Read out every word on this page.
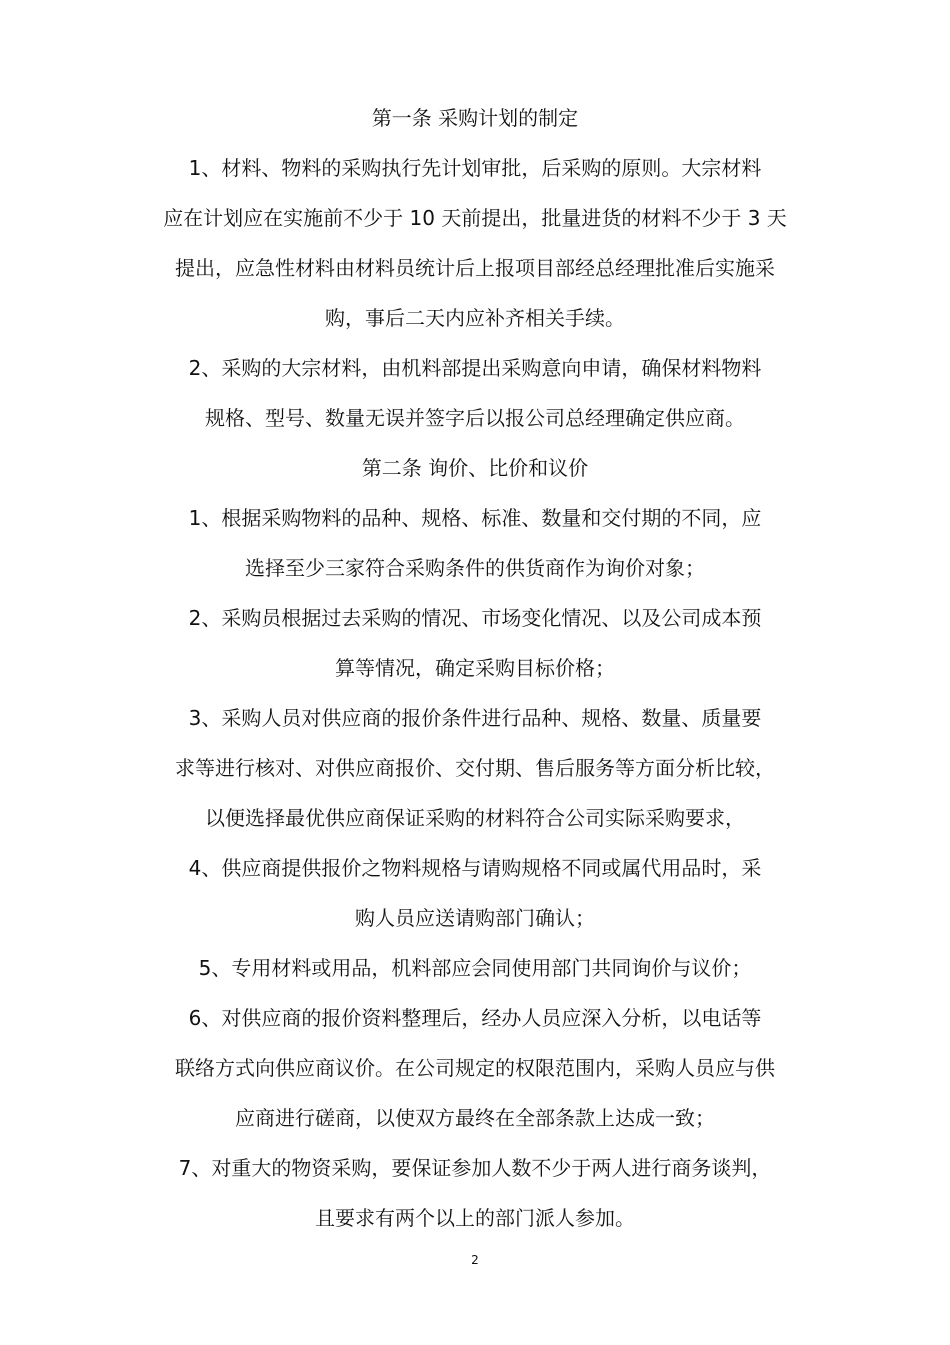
第一条 采购计划的制定
1、材料、物料的采购执行先计划审批，后采购的原则。大宗材料
应在计划应在实施前不少于 10 天前提出，批量进货的材料不少于 3 天
提出，应急性材料由材料员统计后上报项目部经总经理批准后实施采
购，事后二天内应补齐相关手续。
2、采购的大宗材料，由机料部提出采购意向申请，确保材料物料
规格、型号、数量无误并签字后以报公司总经理确定供应商。
第二条 询价、比价和议价
1、根据采购物料的品种、规格、标准、数量和交付期的不同，应
选择至少三家符合采购条件的供货商作为询价对象；
2、采购员根据过去采购的情况、市场变化情况、以及公司成本预
算等情况，确定采购目标价格；
3、采购人员对供应商的报价条件进行品种、规格、数量、质量要
求等进行核对、对供应商报价、交付期、售后服务等方面分析比较，
以便选择最优供应商保证采购的材料符合公司实际采购要求，
4、供应商提供报价之物料规格与请购规格不同或属代用品时，采
购人员应送请购部门确认；
5、专用材料或用品，机料部应会同使用部门共同询价与议价；
6、对供应商的报价资料整理后，经办人员应深入分析，以电话等
联络方式向供应商议价。在公司规定的权限范围内，采购人员应与供
应商进行磋商，以使双方最终在全部条款上达成一致；
7、对重大的物资采购，要保证参加人数不少于两人进行商务谈判，
且要求有两个以上的部门派人参加。
2
